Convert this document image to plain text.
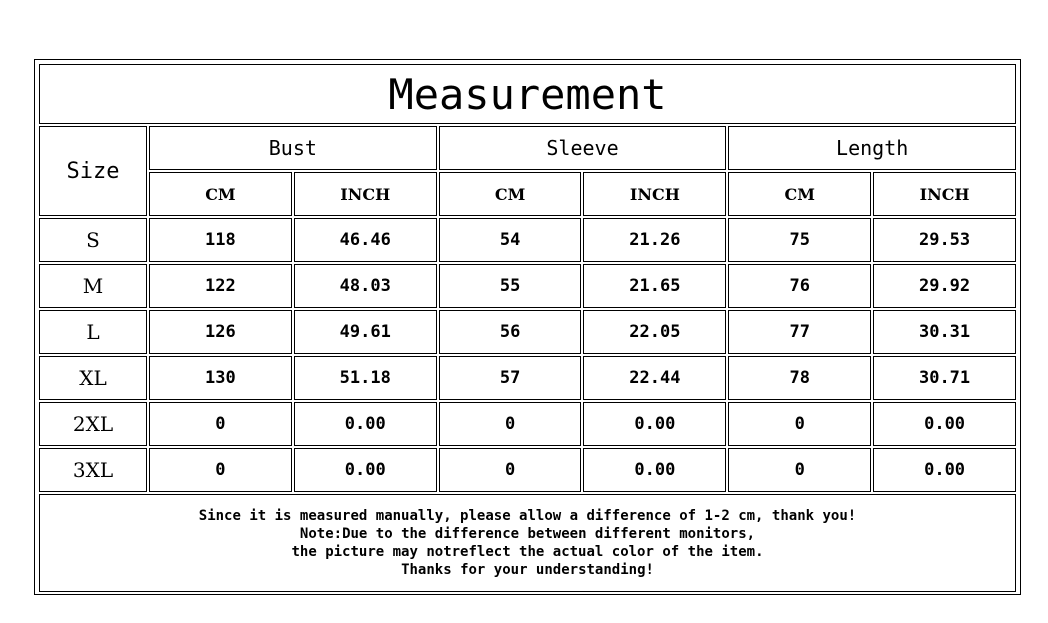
Measurement						
Size	Bust		Sleeve		Length	
	CM	INCH	CM	INCH	CM	INCH
S	118	46.46	54	21.26	75	29.53
M	122	48.03	55	21.65	76	29.92
L	126	49.61	56	22.05	77	30.31
XL	130	51.18	57	22.44	78	30.71
2XL	0	0.00	0	0.00	0	0.00
3XL	0	0.00	0	0.00	0	0.00

Since it is measured manually, please allow a difference of 1-2 cm, thank you!
Note:Due to the difference between different monitors,
the picture may notreflect the actual color of the item.
Thanks for your understanding!						
